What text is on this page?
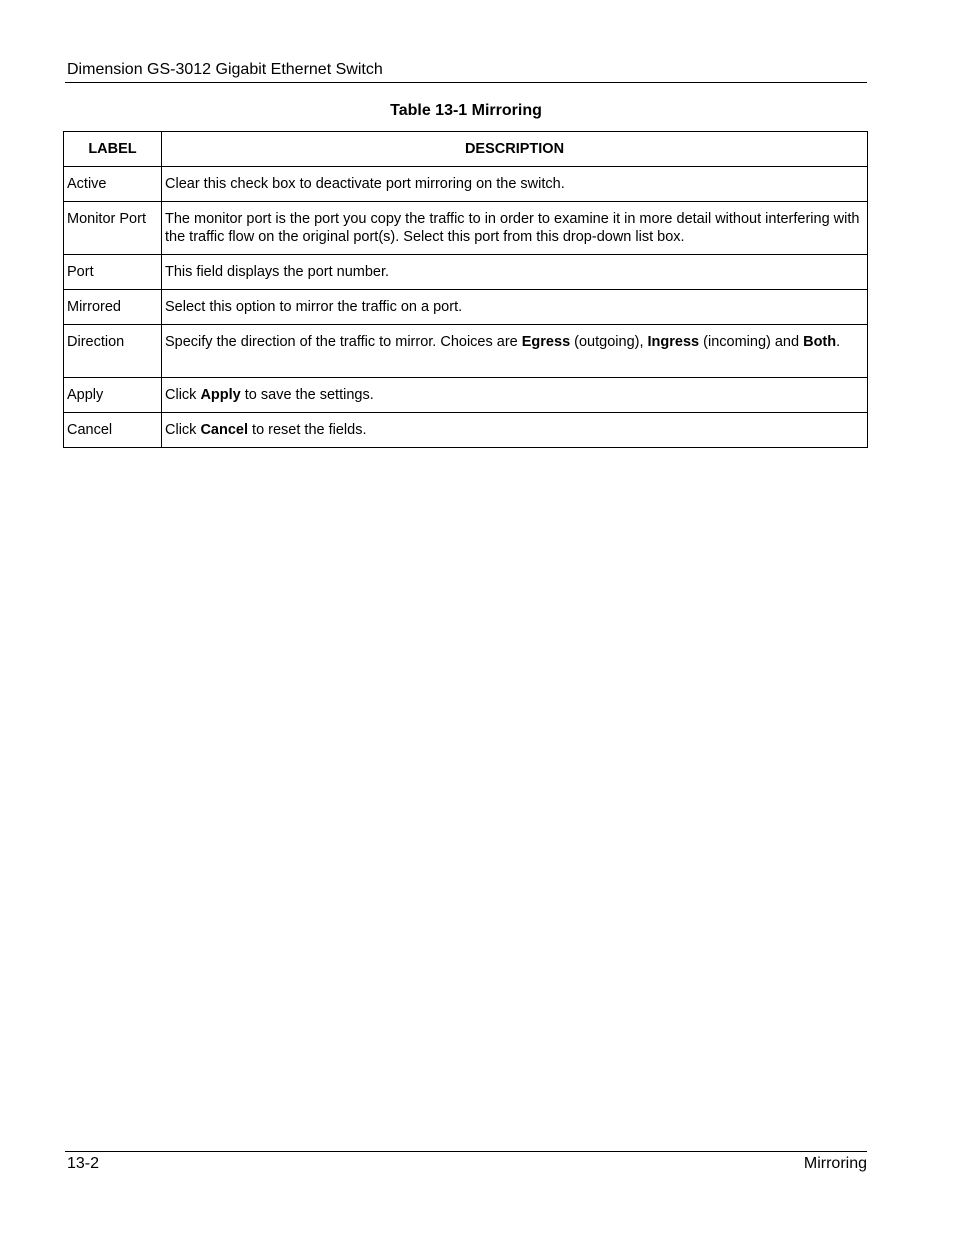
Dimension GS-3012 Gigabit Ethernet Switch
Table 13-1 Mirroring
LABEL	DESCRIPTION
Active	Clear this check box to deactivate port mirroring on the switch.
Monitor Port	The monitor port is the port you copy the traffic to in order to examine it in more detail without interfering with the traffic flow on the original port(s). Select this port from this drop-down list box.
Port	This field displays the port number.
Mirrored	Select this option to mirror the traffic on a port.
Direction	Specify the direction of the traffic to mirror. Choices are Egress (outgoing), Ingress (incoming) and Both.
Apply	Click Apply to save the settings.
Cancel	Click Cancel to reset the fields.
13-2	Mirroring
